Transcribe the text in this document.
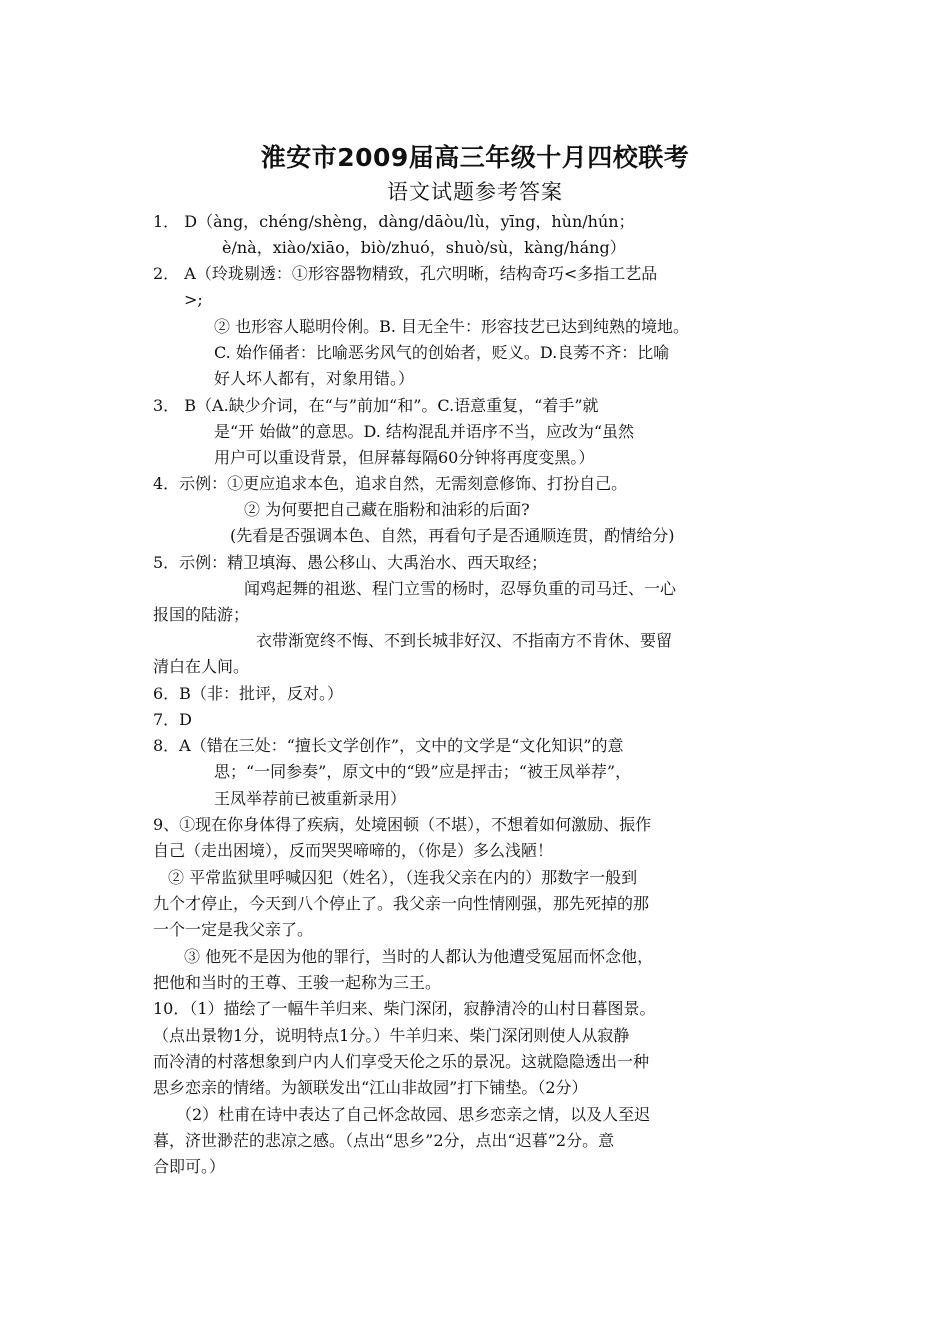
淮安市2009届高三年级十月四校联考
语文试题参考答案
1． D（àng，chéng/shèng，dàng/dāòu/lù，yīng，hùn/hún；
è/nà，xiào/xiāo，biò/zhuó，shuò/sù，kàng/háng）
2． A（玲珑剔透：①形容器物精致，孔穴明晰，结构奇巧<多指工艺品
>;
② 也形容人聪明伶俐。B. 目无全牛：形容技艺已达到纯熟的境地。
C. 始作俑者：比喻恶劣风气的创始者，贬义。D.良莠不齐：比喻
好人坏人都有，对象用错。）
3． B（A.缺少介词，在“与”前加“和”。C.语意重复，“着手”就
是“开 始做”的意思。D. 结构混乱并语序不当，应改为“虽然
用户可以重设背景，但屏幕每隔60分钟将再度变黑。）
4．示例：①更应追求本色，追求自然，无需刻意修饰、打扮自己。
② 为何要把自己藏在脂粉和油彩的后面?
(先看是否强调本色、自然，再看句子是否通顺连贯，酌情给分)
5．示例：精卫填海、愚公移山、大禹治水、西天取经；
闻鸡起舞的祖逖、程门立雪的杨时，忍辱负重的司马迁、一心
报国的陆游；
衣带渐宽终不悔、不到长城非好汉、不指南方不肯休、要留
清白在人间。
6．B（非：批评，反对。）
7．D
8．A（错在三处：“擅长文学创作”，文中的文学是“文化知识”的意
思；“一同参奏”，原文中的“毁”应是抨击；“被王凤举荐”，
王凤举荐前已被重新录用）
9、①现在你身体得了疾病，处境困顿（不堪），不想着如何激励、振作
自己（走出困境），反而哭哭啼啼的，（你是）多么浅陋！
② 平常监狱里呼喊囚犯（姓名），（连我父亲在内的）那数字一般到
九个才停止，今天到八个停止了。我父亲一向性情刚强，那先死掉的那
一个一定是我父亲了。
③ 他死不是因为他的罪行，当时的人都认为他遭受冤屈而怀念他，
把他和当时的王尊、王骏一起称为三王。
10．（1）描绘了一幅牛羊归来、柴门深闭，寂静清冷的山村日暮图景。
（点出景物1分，说明特点1分。）牛羊归来、柴门深闭则使人从寂静
而冷清的村落想象到户内人们享受天伦之乐的景况。这就隐隐透出一种
思乡恋亲的情绪。为颔联发出“江山非故园”打下铺垫。（2分）
（2）杜甫在诗中表达了自己怀念故园、思乡恋亲之情，以及人至迟
暮，济世渺茫的悲凉之感。（点出“思乡”2分，点出“迟暮”2分。意
合即可。）
